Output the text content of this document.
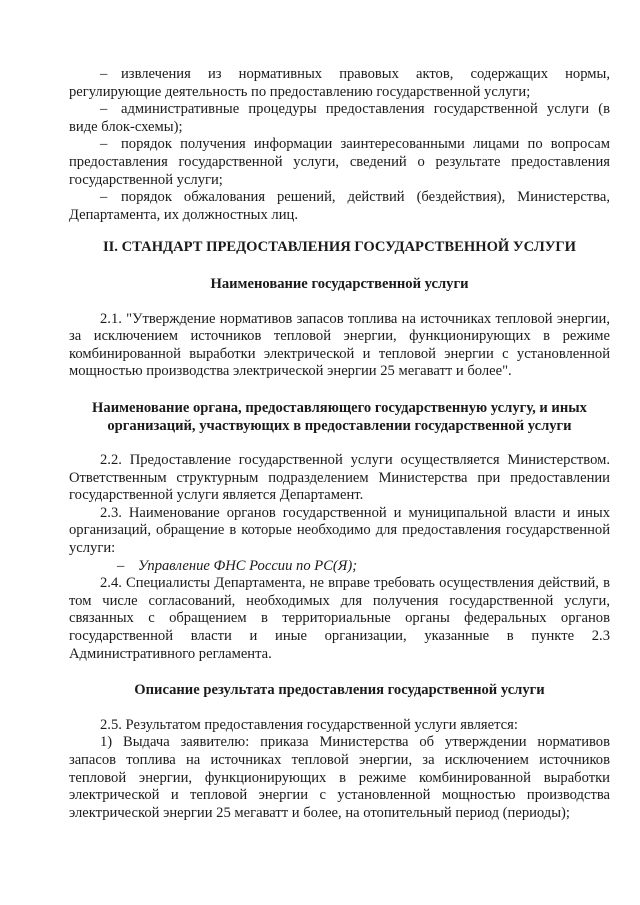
– извлечения из нормативных правовых актов, содержащих нормы, регулирующие деятельность по предоставлению государственной услуги;

– административные процедуры предоставления государственной услуги (в виде блок-схемы);

– порядок получения информации заинтересованными лицами по вопросам предоставления государственной услуги, сведений о результате предоставления государственной услуги;

– порядок обжалования решений, действий (бездействия), Министерства, Департамента, их должностных лиц.

II. СТАНДАРТ ПРЕДОСТАВЛЕНИЯ ГОСУДАРСТВЕННОЙ УСЛУГИ

Наименование государственной услуги

2.1. "Утверждение нормативов запасов топлива на источниках тепловой энергии, за исключением источников тепловой энергии, функционирующих в режиме комбинированной выработки электрической и тепловой энергии с установленной мощностью производства электрической энергии 25 мегаватт и более".

Наименование органа, предоставляющего государственную услугу, и иных организаций, участвующих в предоставлении государственной услуги

2.2. Предоставление государственной услуги осуществляется Министерством. Ответственным структурным подразделением Министерства при предоставлении государственной услуги является Департамент.

2.3. Наименование органов государственной и муниципальной власти и иных организаций, обращение в которые необходимо для предоставления государственной услуги:

– Управление ФНС России по РС(Я);

2.4. Специалисты Департамента, не вправе требовать осуществления действий, в том числе согласований, необходимых для получения государственной услуги, связанных с обращением в территориальные органы федеральных органов государственной власти и иные организации, указанные в пункте 2.3 Административного регламента.

Описание результата предоставления государственной услуги

2.5. Результатом предоставления государственной услуги является:

1) Выдача заявителю: приказа Министерства об утверждении нормативов запасов топлива на источниках тепловой энергии, за исключением источников тепловой энергии, функционирующих в режиме комбинированной выработки электрической и тепловой энергии с установленной мощностью производства электрической энергии 25 мегаватт и более, на отопительный период (периоды);
